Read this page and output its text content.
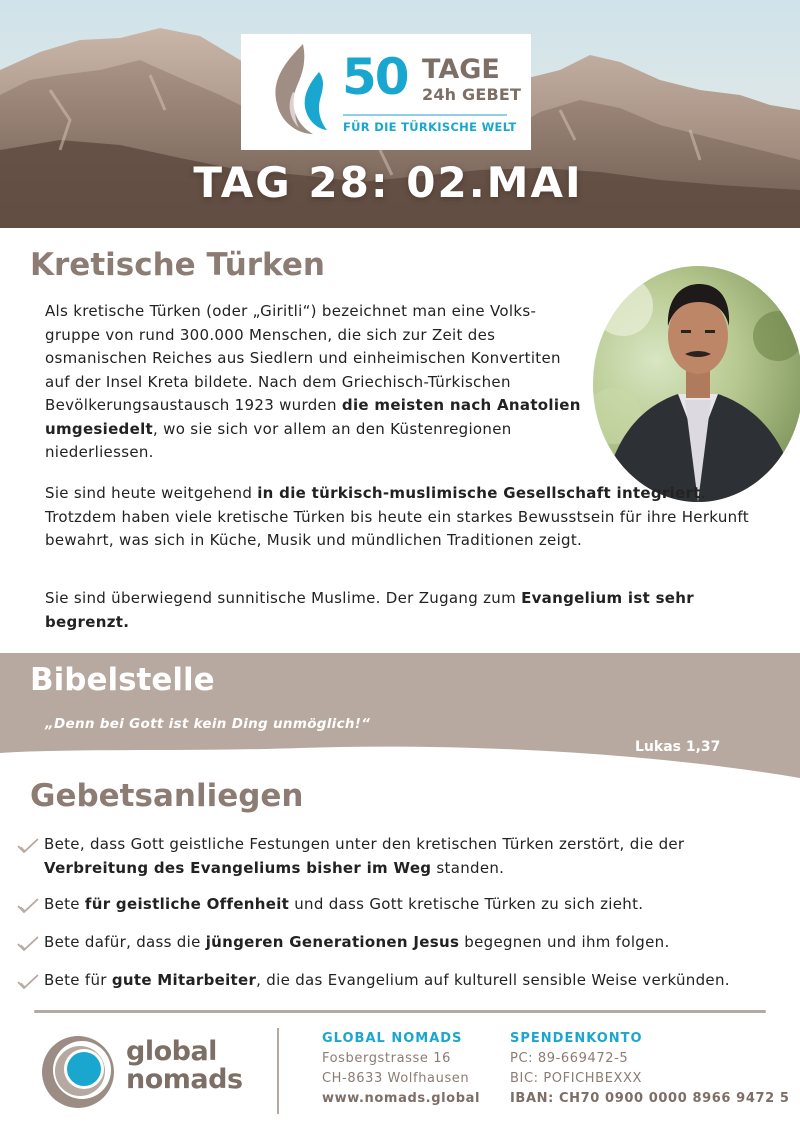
50 TAGE
24h GEBET
FÜR DIE TÜRKISCHE WELT
TAG 28: 02.MAI
Kretische Türken
Als kretische Türken (oder „Giritli“) bezeichnet man eine Volksgruppe von rund 300.000 Menschen, die sich zur Zeit des osmanischen Reiches aus Siedlern und einheimischen Konvertiten auf der Insel Kreta bildete. Nach dem Griechisch-Türkischen Bevölkerungsaustausch 1923 wurden die meisten nach Anatolien umgesiedelt, wo sie sich vor allem an den Küstenregionen niederliessen.
Sie sind heute weitgehend in die türkisch-muslimische Gesellschaft integriert. Trotzdem haben viele kretische Türken bis heute ein starkes Bewusstsein für ihre Herkunft bewahrt, was sich in Küche, Musik und mündlichen Traditionen zeigt.
Sie sind überwiegend sunnitische Muslime. Der Zugang zum Evangelium ist sehr begrenzt.
Bibelstelle
„Denn bei Gott ist kein Ding unmöglich!“
Lukas 1,37
Gebetsanliegen
Bete, dass Gott geistliche Festungen unter den kretischen Türken zerstört, die der Verbreitung des Evangeliums bisher im Weg standen.
Bete für geistliche Offenheit und dass Gott kretische Türken zu sich zieht.
Bete dafür, dass die jüngeren Generationen Jesus begegnen und ihm folgen.
Bete für gute Mitarbeiter, die das Evangelium auf kulturell sensible Weise verkünden.
global
nomads
GLOBAL NOMADS
Fosbergstrasse 16
CH-8633 Wolfhausen
www.nomads.global
SPENDENKONTO
PC: 89-669472-5
BIC: POFICHBEXXX
IBAN: CH70 0900 0000 8966 9472 5
